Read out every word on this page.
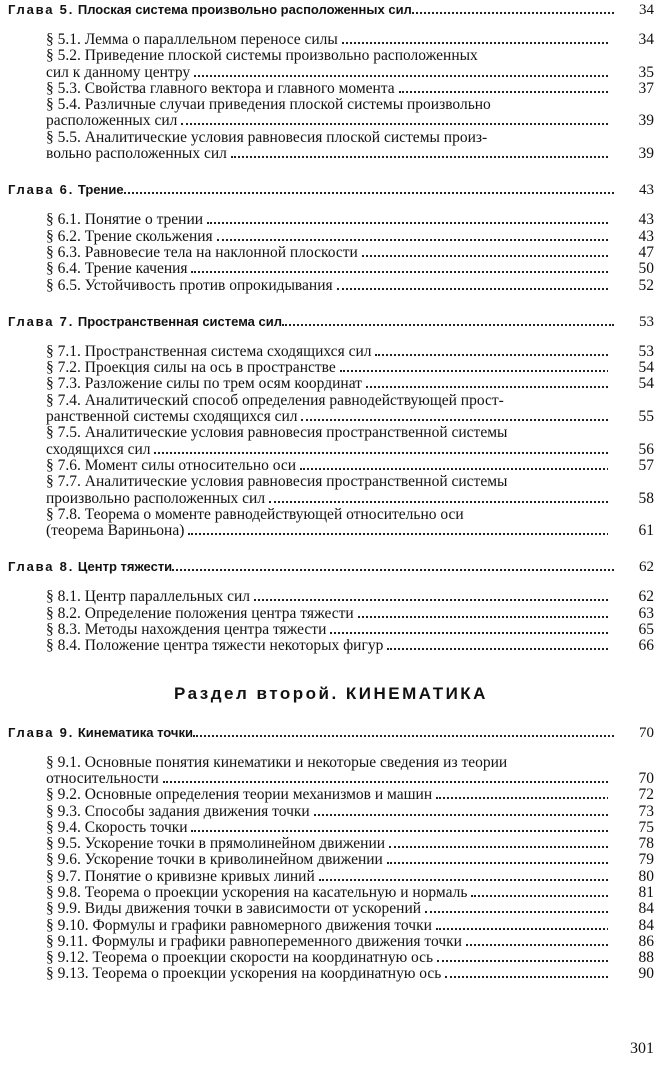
Глава 5. Плоская система произвольно расположенных сил	34
§ 5.1. Лемма о параллельном переносе силы	34
§ 5.2. Приведение плоской системы произвольно расположенных
сил к данному центру	35
§ 5.3. Свойства главного вектора и главного момента	37
§ 5.4. Различные случаи приведения плоской системы произвольно
расположенных сил	39
§ 5.5. Аналитические условия равновесия плоской системы произ-
вольно расположенных сил	39
Глава 6. Трение	43
§ 6.1. Понятие о трении	43
§ 6.2. Трение скольжения	43
§ 6.3. Равновесие тела на наклонной плоскости	47
§ 6.4. Трение качения	50
§ 6.5. Устойчивость против опрокидывания	52
Глава 7. Пространственная система сил	53
§ 7.1. Пространственная система сходящихся сил	53
§ 7.2. Проекция силы на ось в пространстве	54
§ 7.3. Разложение силы по трем осям координат	54
§ 7.4. Аналитический способ определения равнодействующей прост-
ранственной системы сходящихся сил	55
§ 7.5. Аналитические условия равновесия пространственной системы
сходящихся сил	56
§ 7.6. Момент силы относительно оси	57
§ 7.7. Аналитические условия равновесия пространственной системы
произвольно расположенных сил	58
§ 7.8. Теорема о моменте равнодействующей относительно оси
(теорема Вариньона)	61
Глава 8. Центр тяжести	62
§ 8.1. Центр параллельных сил	62
§ 8.2. Определение положения центра тяжести	63
§ 8.3. Методы нахождения центра тяжести	65
§ 8.4. Положение центра тяжести некоторых фигур	66
Раздел второй. КИНЕМАТИКА
Глава 9. Кинематика точки	70
§ 9.1. Основные понятия кинематики и некоторые сведения из теории
относительности	70
§ 9.2. Основные определения теории механизмов и машин	72
§ 9.3. Способы задания движения точки	73
§ 9.4. Скорость точки	75
§ 9.5. Ускорение точки в прямолинейном движении	78
§ 9.6. Ускорение точки в криволинейном движении	79
§ 9.7. Понятие о кривизне кривых линий	80
§ 9.8. Теорема о проекции ускорения на касательную и нормаль	81
§ 9.9. Виды движения точки в зависимости от ускорений	84
§ 9.10. Формулы и графики равномерного движения точки	84
§ 9.11. Формулы и графики равнопеременного движения точки	86
§ 9.12. Теорема о проекции скорости на координатную ось	88
§ 9.13. Теорема о проекции ускорения на координатную ось	90
301
